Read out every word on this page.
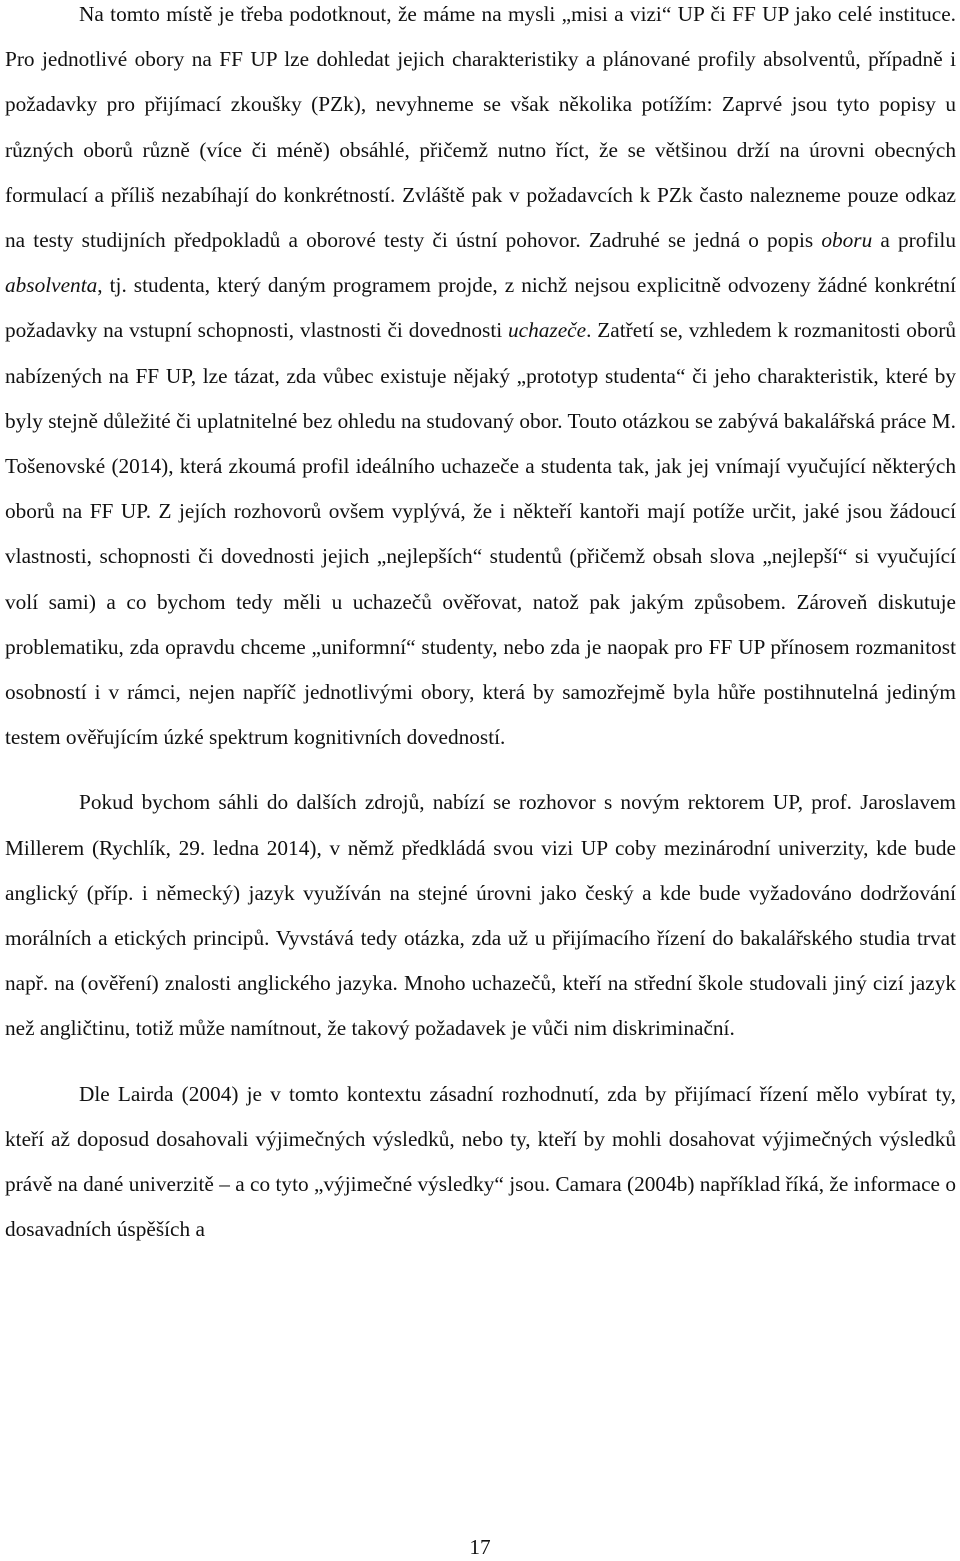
Na tomto místě je třeba podotknout, že máme na mysli „misi a vizi“ UP či FF UP jako celé instituce. Pro jednotlivé obory na FF UP lze dohledat jejich charakteristiky a plánované profily absolventů, případně i požadavky pro přijímací zkoušky (PZk), nevyhneme se však několika potížím: Zaprvé jsou tyto popisy u různých oborů různě (více či méně) obsáhlé, přičemž nutno říct, že se většinou drží na úrovni obecných formulací a příliš nezabíhají do konkrétností. Zvláště pak v požadavcích k PZk často nalezneme pouze odkaz na testy studijních předpokladů a oborové testy či ústní pohovor. Zadruhé se jedná o popis oboru a profilu absolventa, tj. studenta, který daným programem projde, z nichž nejsou explicitně odvozeny žádné konkrétní požadavky na vstupní schopnosti, vlastnosti či dovednosti uchazeče. Zatřetí se, vzhledem k rozmanitosti oborů nabízených na FF UP, lze tázat, zda vůbec existuje nějaký „prototyp studenta“ či jeho charakteristik, které by byly stejně důležité či uplatnitelné bez ohledu na studovaný obor. Touto otázkou se zabývá bakalářská práce M. Tošenovské (2014), která zkoumá profil ideálního uchazeče a studenta tak, jak jej vnímají vyučující některých oborů na FF UP. Z jejích rozhovorů ovšem vyplývá, že i někteří kantoři mají potíže určit, jaké jsou žádoucí vlastnosti, schopnosti či dovednosti jejich „nejlepších“ studentů (přičemž obsah slova „nejlepší“ si vyučující volí sami) a co bychom tedy měli u uchazečů ověřovat, natož pak jakým způsobem. Zároveň diskutuje problematiku, zda opravdu chceme „uniformní“ studenty, nebo zda je naopak pro FF UP přínosem rozmanitost osobností i v rámci, nejen napříč jednotlivými obory, která by samozřejmě byla hůře postihnutelná jediným testem ověřujícím úzké spektrum kognitivních dovedností.

Pokud bychom sáhli do dalších zdrojů, nabízí se rozhovor s novým rektorem UP, prof. Jaroslavem Millerem (Rychlík, 29. ledna 2014), v němž předkládá svou vizi UP coby mezinárodní univerzity, kde bude anglický (příp. i německý) jazyk využíván na stejné úrovni jako český a kde bude vyžadováno dodržování morálních a etických principů. Vyvstává tedy otázka, zda už u přijímacího řízení do bakalářského studia trvat např. na (ověření) znalosti anglického jazyka. Mnoho uchazečů, kteří na střední škole studovali jiný cizí jazyk než angličtinu, totiž může namítnout, že takový požadavek je vůči nim diskriminační.

Dle Lairda (2004) je v tomto kontextu zásadní rozhodnutí, zda by přijímací řízení mělo vybírat ty, kteří až doposud dosahovali výjimečných výsledků, nebo ty, kteří by mohli dosahovat výjimečných výsledků právě na dané univerzitě – a co tyto „výjimečné výsledky“ jsou. Camara (2004b) například říká, že informace o dosavadních úspěších a

17
